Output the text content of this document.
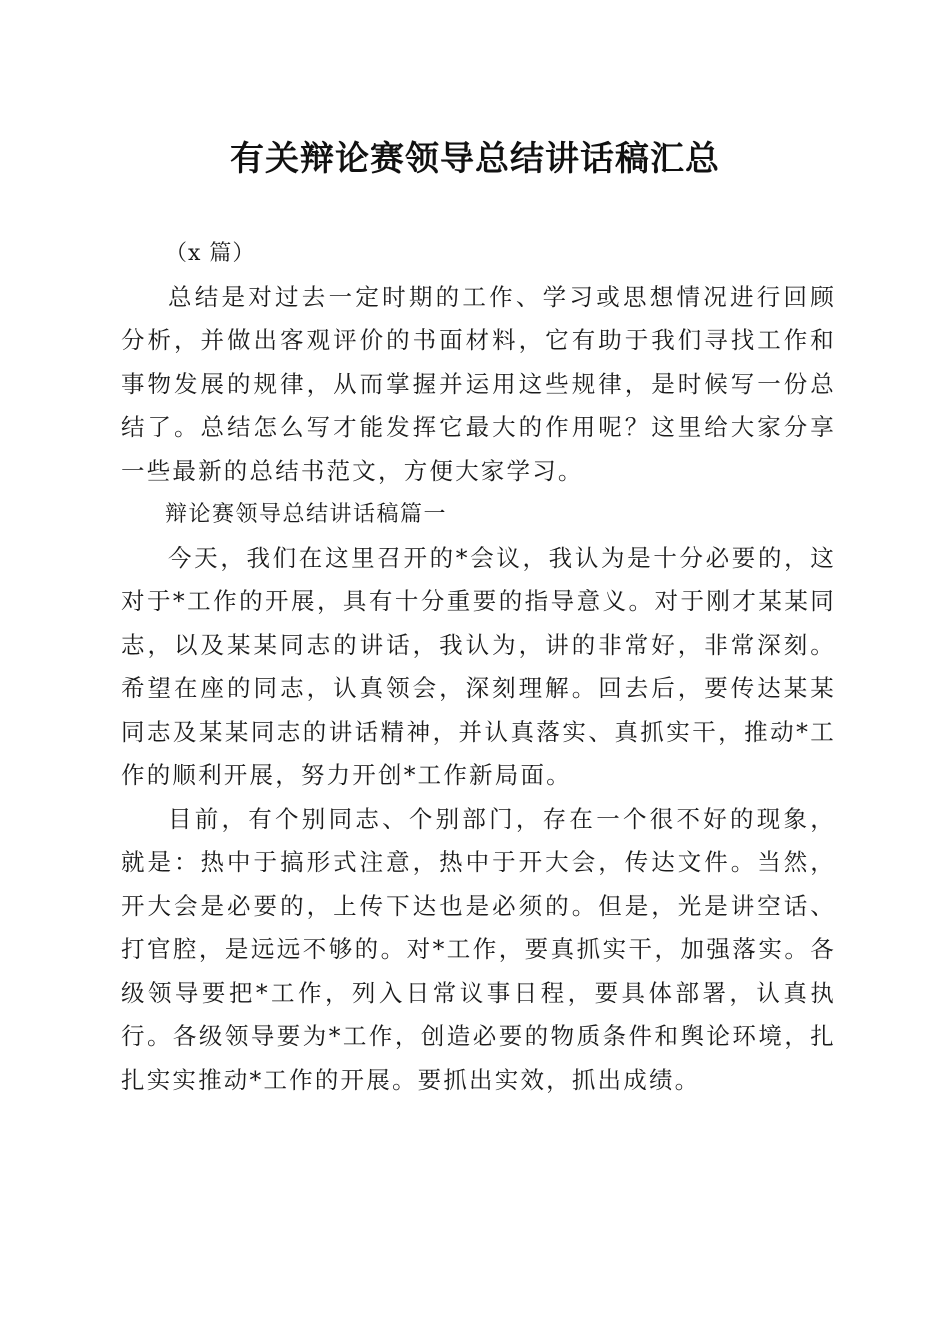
有关辩论赛领导总结讲话稿汇总

（x 篇）

总结是对过去一定时期的工作、学习或思想情况进行回顾分析，并做出客观评价的书面材料，它有助于我们寻找工作和事物发展的规律，从而掌握并运用这些规律，是时候写一份总结了。总结怎么写才能发挥它最大的作用呢？这里给大家分享一些最新的总结书范文，方便大家学习。

辩论赛领导总结讲话稿篇一

今天，我们在这里召开的*会议，我认为是十分必要的，这对于*工作的开展，具有十分重要的指导意义。对于刚才某某同志，以及某某同志的讲话，我认为，讲的非常好，非常深刻。希望在座的同志，认真领会，深刻理解。回去后，要传达某某同志及某某同志的讲话精神，并认真落实、真抓实干，推动*工作的顺利开展，努力开创*工作新局面。

目前，有个别同志、个别部门，存在一个很不好的现象，就是：热中于搞形式注意，热中于开大会，传达文件。当然，开大会是必要的，上传下达也是必须的。但是，光是讲空话、打官腔，是远远不够的。对*工作，要真抓实干，加强落实。各级领导要把*工作，列入日常议事日程，要具体部署，认真执行。各级领导要为*工作，创造必要的物质条件和舆论环境，扎扎实实推动*工作的开展。要抓出实效，抓出成绩。
